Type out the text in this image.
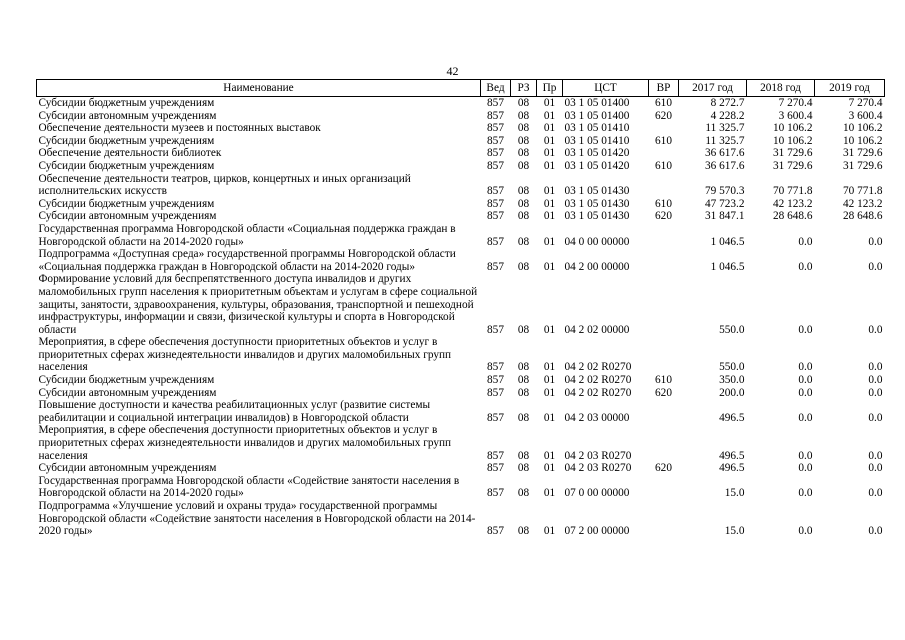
42
Наименование	Вед	РЗ	Пр	ЦСТ	ВР	2017 год	2018 год	2019 год
Субсидии бюджетным учреждениям	857	08	01	03 1 05 01400	610	8 272.7	7 270.4	7 270.4
Субсидии автономным учреждениям	857	08	01	03 1 05 01400	620	4 228.2	3 600.4	3 600.4
Обеспечение деятельности музеев и постоянных выставок	857	08	01	03 1 05 01410		11 325.7	10 106.2	10 106.2
Субсидии бюджетным учреждениям	857	08	01	03 1 05 01410	610	11 325.7	10 106.2	10 106.2
Обеспечение деятельности библиотек	857	08	01	03 1 05 01420		36 617.6	31 729.6	31 729.6
Субсидии бюджетным учреждениям	857	08	01	03 1 05 01420	610	36 617.6	31 729.6	31 729.6
Обеспечение деятельности театров, цирков, концертных и иных организаций исполнительских искусств	857	08	01	03 1 05 01430		79 570.3	70 771.8	70 771.8
Субсидии бюджетным учреждениям	857	08	01	03 1 05 01430	610	47 723.2	42 123.2	42 123.2
Субсидии автономным учреждениям	857	08	01	03 1 05 01430	620	31 847.1	28 648.6	28 648.6
Государственная программа Новгородской области «Социальная поддержка граждан в Новгородской области на 2014-2020 годы»	857	08	01	04 0 00 00000		1 046.5	0.0	0.0
Подпрограмма «Доступная среда» государственной программы Новгородской области «Социальная поддержка граждан в Новгородской области на 2014-2020 годы»	857	08	01	04 2 00 00000		1 046.5	0.0	0.0
Формирование условий для беспрепятственного доступа инвалидов и других маломобильных групп населения к приоритетным объектам и услугам в сфере социальной защиты, занятости, здравоохранения, культуры, образования, транспортной и пешеходной инфраструктуры, информации и связи, физической культуры и спорта в Новгородской области	857	08	01	04 2 02 00000		550.0	0.0	0.0
Мероприятия, в сфере обеспечения доступности приоритетных объектов и услуг в приоритетных сферах жизнедеятельности инвалидов и других маломобильных групп населения	857	08	01	04 2 02 R0270		550.0	0.0	0.0
Субсидии бюджетным учреждениям	857	08	01	04 2 02 R0270	610	350.0	0.0	0.0
Субсидии автономным учреждениям	857	08	01	04 2 02 R0270	620	200.0	0.0	0.0
Повышение доступности и качества реабилитационных услуг (развитие системы реабилитации и социальной интеграции инвалидов) в Новгородской области	857	08	01	04 2 03 00000		496.5	0.0	0.0
Мероприятия, в сфере обеспечения доступности приоритетных объектов и услуг в приоритетных сферах жизнедеятельности инвалидов и других маломобильных групп населения	857	08	01	04 2 03 R0270		496.5	0.0	0.0
Субсидии автономным учреждениям	857	08	01	04 2 03 R0270	620	496.5	0.0	0.0
Государственная программа Новгородской области «Содействие занятости населения в Новгородской области на 2014-2020 годы»	857	08	01	07 0 00 00000		15.0	0.0	0.0
Подпрограмма «Улучшение условий и охраны труда» государственной программы Новгородской области «Содействие занятости населения в Новгородской области на 2014-2020 годы»	857	08	01	07 2 00 00000		15.0	0.0	0.0
